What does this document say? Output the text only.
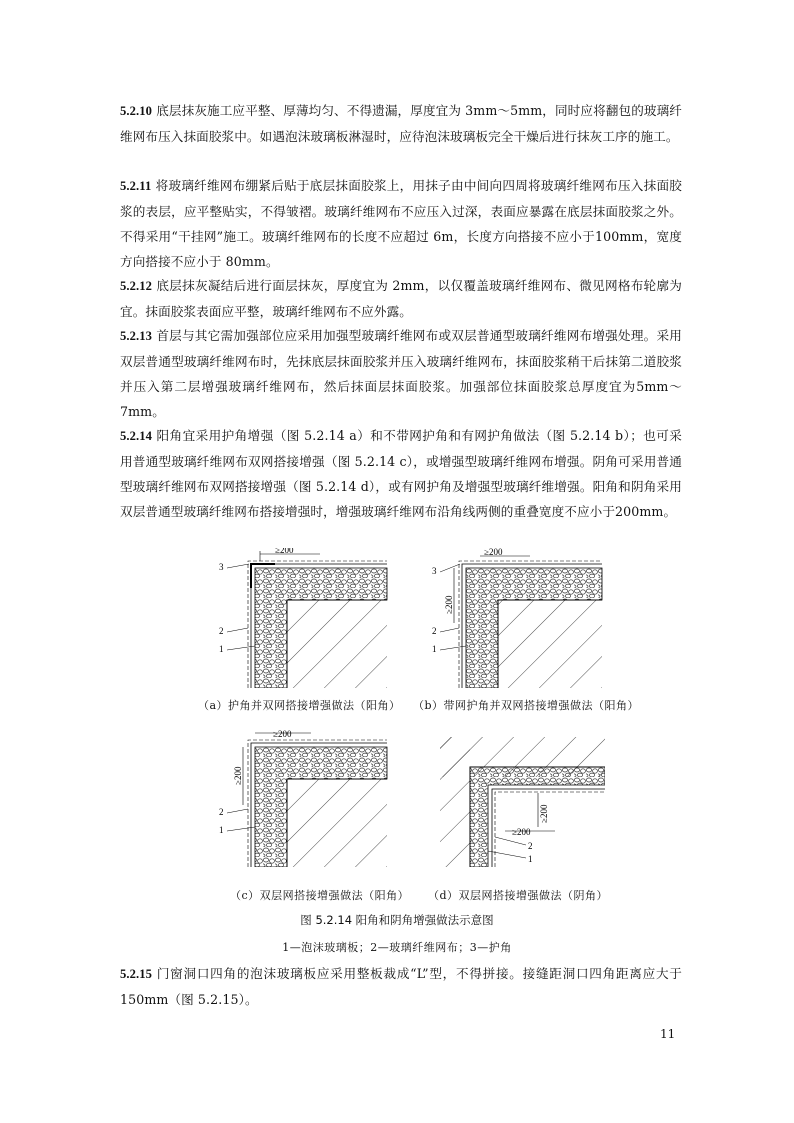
5.2.10 底层抹灰施工应平整、厚薄均匀、不得遗漏，厚度宜为 3mm～5mm，同时应将翻包的玻璃纤维网布压入抹面胶浆中。如遇泡沫玻璃板淋湿时，应待泡沫玻璃板完全干燥后进行抹灰工序的施工。
5.2.11 将玻璃纤维网布绷紧后贴于底层抹面胶浆上，用抹子由中间向四周将玻璃纤维网布压入抹面胶浆的表层，应平整贴实，不得皱褶。玻璃纤维网布不应压入过深，表面应暴露在底层抹面胶浆之外。不得采用“干挂网”施工。玻璃纤维网布的长度不应超过 6m，长度方向搭接不应小于100mm，宽度方向搭接不应小于 80mm。
5.2.12 底层抹灰凝结后进行面层抹灰，厚度宜为 2mm，以仅覆盖玻璃纤维网布、微见网格布轮廓为宜。抹面胶浆表面应平整，玻璃纤维网布不应外露。
5.2.13 首层与其它需加强部位应采用加强型玻璃纤维网布或双层普通型玻璃纤维网布增强处理。采用双层普通型玻璃纤维网布时，先抹底层抹面胶浆并压入玻璃纤维网布，抹面胶浆稍干后抹第二道胶浆并压入第二层增强玻璃纤维网布，然后抹面层抹面胶浆。加强部位抹面胶浆总厚度宜为5mm～7mm。
5.2.14 阳角宜采用护角增强（图 5.2.14 a）和不带网护角和有网护角做法（图 5.2.14 b）；也可采用普通型玻璃纤维网布双网搭接增强（图 5.2.14 c），或增强型玻璃纤维网布增强。阴角可采用普通型玻璃纤维网布双网搭接增强（图 5.2.14 d），或有网护角及增强型玻璃纤维增强。阳角和阴角采用双层普通型玻璃纤维网布搭接增强时，增强玻璃纤维网布沿角线两侧的重叠宽度不应小于200mm。
≥200
3
2
1
≥200
≥200
3
2
1
（a）护角并双网搭接增强做法（阳角） （b）带网护角并双网搭接增强做法（阳角）
≥200
≥200
2
1	≥200
≥200
2
1
（c）双层网搭接增强做法（阳角） （d）双层网搭接增强做法（阴角）
图 5.2.14 阳角和阴角增强做法示意图
1—泡沫玻璃板；2—玻璃纤维网布；3—护角
5.2.15 门窗洞口四角的泡沫玻璃板应采用整板裁成“L”型，不得拼接。接缝距洞口四角距离应大于 150mm（图 5.2.15）。
11
